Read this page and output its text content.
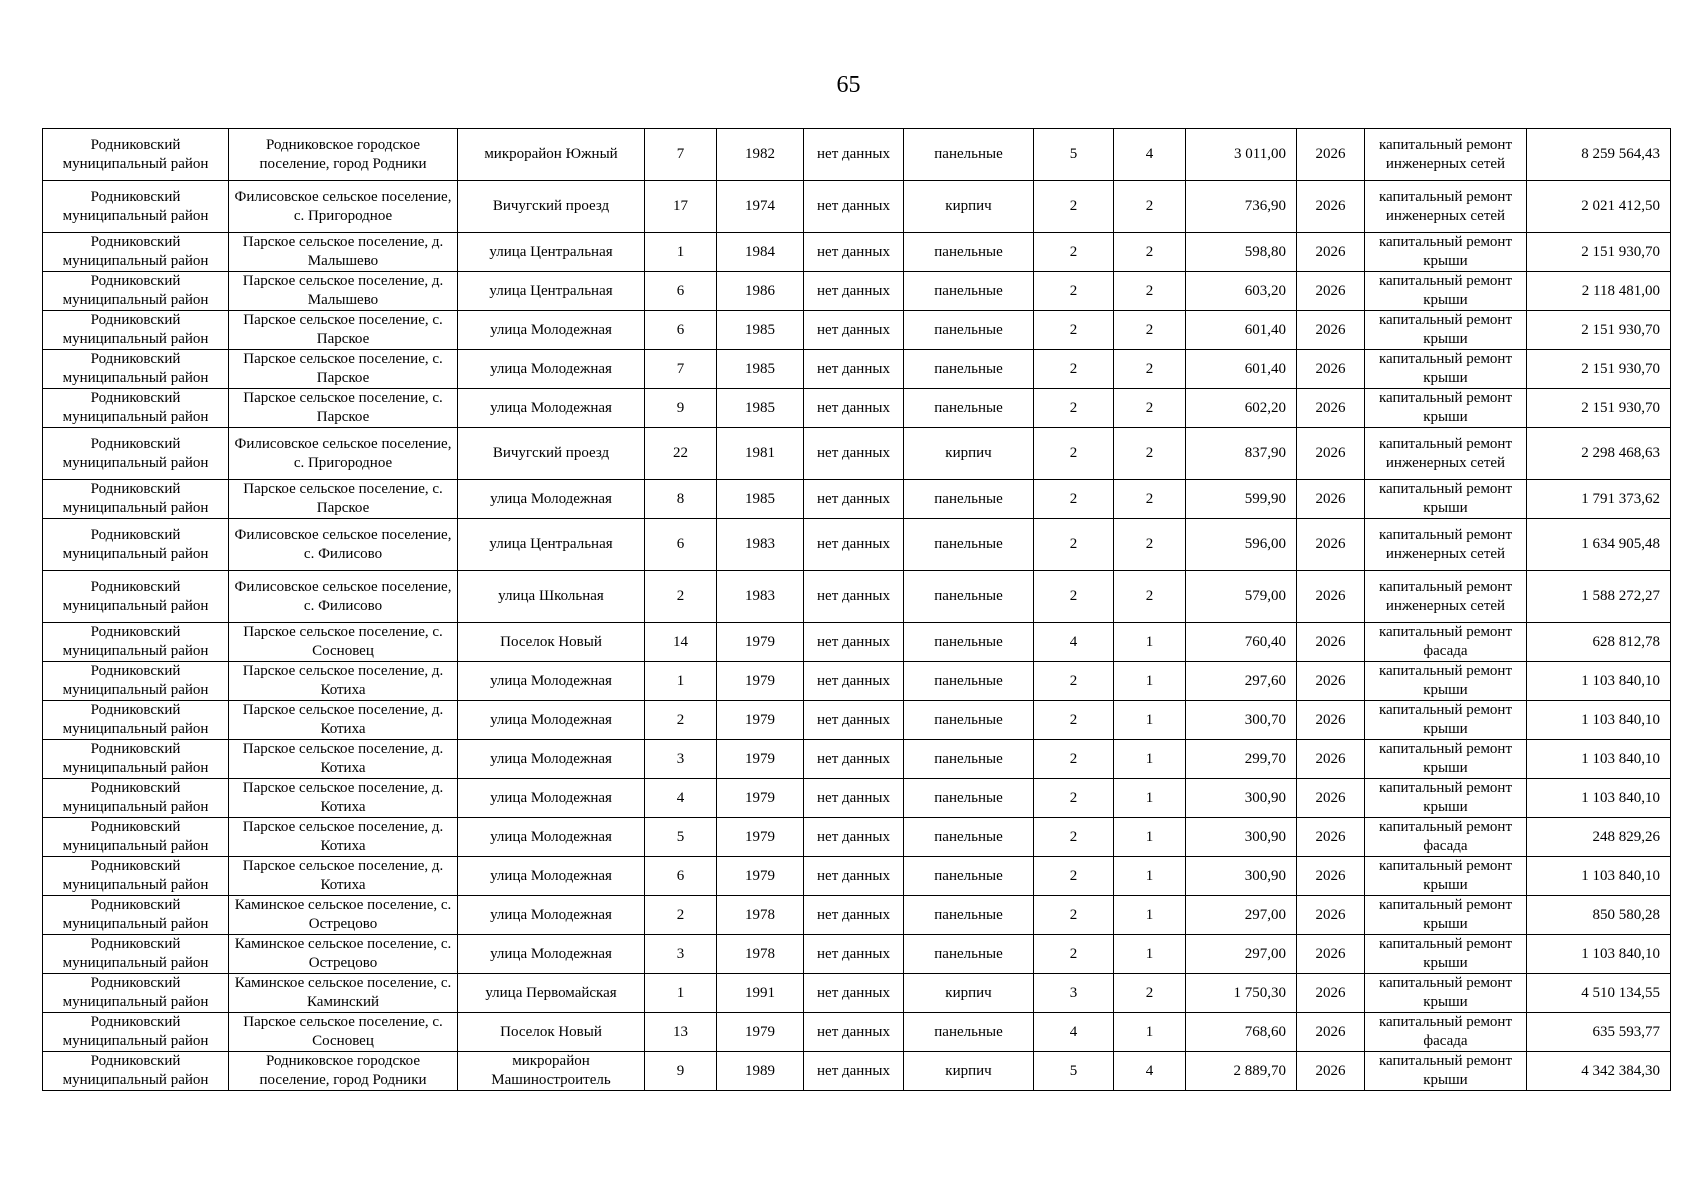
65
Родниковский муниципальный район	Родниковское городское поселение, город Родники	микрорайон Южный	7	1982	нет данных	панельные	5	4	3 011,00	2026	капитальный ремонт инженерных сетей	8 259 564,43
Родниковский муниципальный район	Филисовское сельское поселение, с. Пригородное	Вичугский проезд	17	1974	нет данных	кирпич	2	2	736,90	2026	капитальный ремонт инженерных сетей	2 021 412,50
Родниковский муниципальный район	Парское сельское поселение, д. Малышево	улица Центральная	1	1984	нет данных	панельные	2	2	598,80	2026	капитальный ремонт крыши	2 151 930,70
Родниковский муниципальный район	Парское сельское поселение, д. Малышево	улица Центральная	6	1986	нет данных	панельные	2	2	603,20	2026	капитальный ремонт крыши	2 118 481,00
Родниковский муниципальный район	Парское сельское поселение, с. Парское	улица Молодежная	6	1985	нет данных	панельные	2	2	601,40	2026	капитальный ремонт крыши	2 151 930,70
Родниковский муниципальный район	Парское сельское поселение, с. Парское	улица Молодежная	7	1985	нет данных	панельные	2	2	601,40	2026	капитальный ремонт крыши	2 151 930,70
Родниковский муниципальный район	Парское сельское поселение, с. Парское	улица Молодежная	9	1985	нет данных	панельные	2	2	602,20	2026	капитальный ремонт крыши	2 151 930,70
Родниковский муниципальный район	Филисовское сельское поселение, с. Пригородное	Вичугский проезд	22	1981	нет данных	кирпич	2	2	837,90	2026	капитальный ремонт инженерных сетей	2 298 468,63
Родниковский муниципальный район	Парское сельское поселение, с. Парское	улица Молодежная	8	1985	нет данных	панельные	2	2	599,90	2026	капитальный ремонт крыши	1 791 373,62
Родниковский муниципальный район	Филисовское сельское поселение, с. Филисово	улица Центральная	6	1983	нет данных	панельные	2	2	596,00	2026	капитальный ремонт инженерных сетей	1 634 905,48
Родниковский муниципальный район	Филисовское сельское поселение, с. Филисово	улица Школьная	2	1983	нет данных	панельные	2	2	579,00	2026	капитальный ремонт инженерных сетей	1 588 272,27
Родниковский муниципальный район	Парское сельское поселение, с. Сосновец	Поселок Новый	14	1979	нет данных	панельные	4	1	760,40	2026	капитальный ремонт фасада	628 812,78
Родниковский муниципальный район	Парское сельское поселение, д. Котиха	улица Молодежная	1	1979	нет данных	панельные	2	1	297,60	2026	капитальный ремонт крыши	1 103 840,10
Родниковский муниципальный район	Парское сельское поселение, д. Котиха	улица Молодежная	2	1979	нет данных	панельные	2	1	300,70	2026	капитальный ремонт крыши	1 103 840,10
Родниковский муниципальный район	Парское сельское поселение, д. Котиха	улица Молодежная	3	1979	нет данных	панельные	2	1	299,70	2026	капитальный ремонт крыши	1 103 840,10
Родниковский муниципальный район	Парское сельское поселение, д. Котиха	улица Молодежная	4	1979	нет данных	панельные	2	1	300,90	2026	капитальный ремонт крыши	1 103 840,10
Родниковский муниципальный район	Парское сельское поселение, д. Котиха	улица Молодежная	5	1979	нет данных	панельные	2	1	300,90	2026	капитальный ремонт фасада	248 829,26
Родниковский муниципальный район	Парское сельское поселение, д. Котиха	улица Молодежная	6	1979	нет данных	панельные	2	1	300,90	2026	капитальный ремонт крыши	1 103 840,10
Родниковский муниципальный район	Каминское сельское поселение, с. Острецово	улица Молодежная	2	1978	нет данных	панельные	2	1	297,00	2026	капитальный ремонт крыши	850 580,28
Родниковский муниципальный район	Каминское сельское поселение, с. Острецово	улица Молодежная	3	1978	нет данных	панельные	2	1	297,00	2026	капитальный ремонт крыши	1 103 840,10
Родниковский муниципальный район	Каминское сельское поселение, с. Каминский	улица Первомайская	1	1991	нет данных	кирпич	3	2	1 750,30	2026	капитальный ремонт крыши	4 510 134,55
Родниковский муниципальный район	Парское сельское поселение, с. Сосновец	Поселок Новый	13	1979	нет данных	панельные	4	1	768,60	2026	капитальный ремонт фасада	635 593,77
Родниковский муниципальный район	Родниковское городское поселение, город Родники	микрорайон Машиностроитель	9	1989	нет данных	кирпич	5	4	2 889,70	2026	капитальный ремонт крыши	4 342 384,30
